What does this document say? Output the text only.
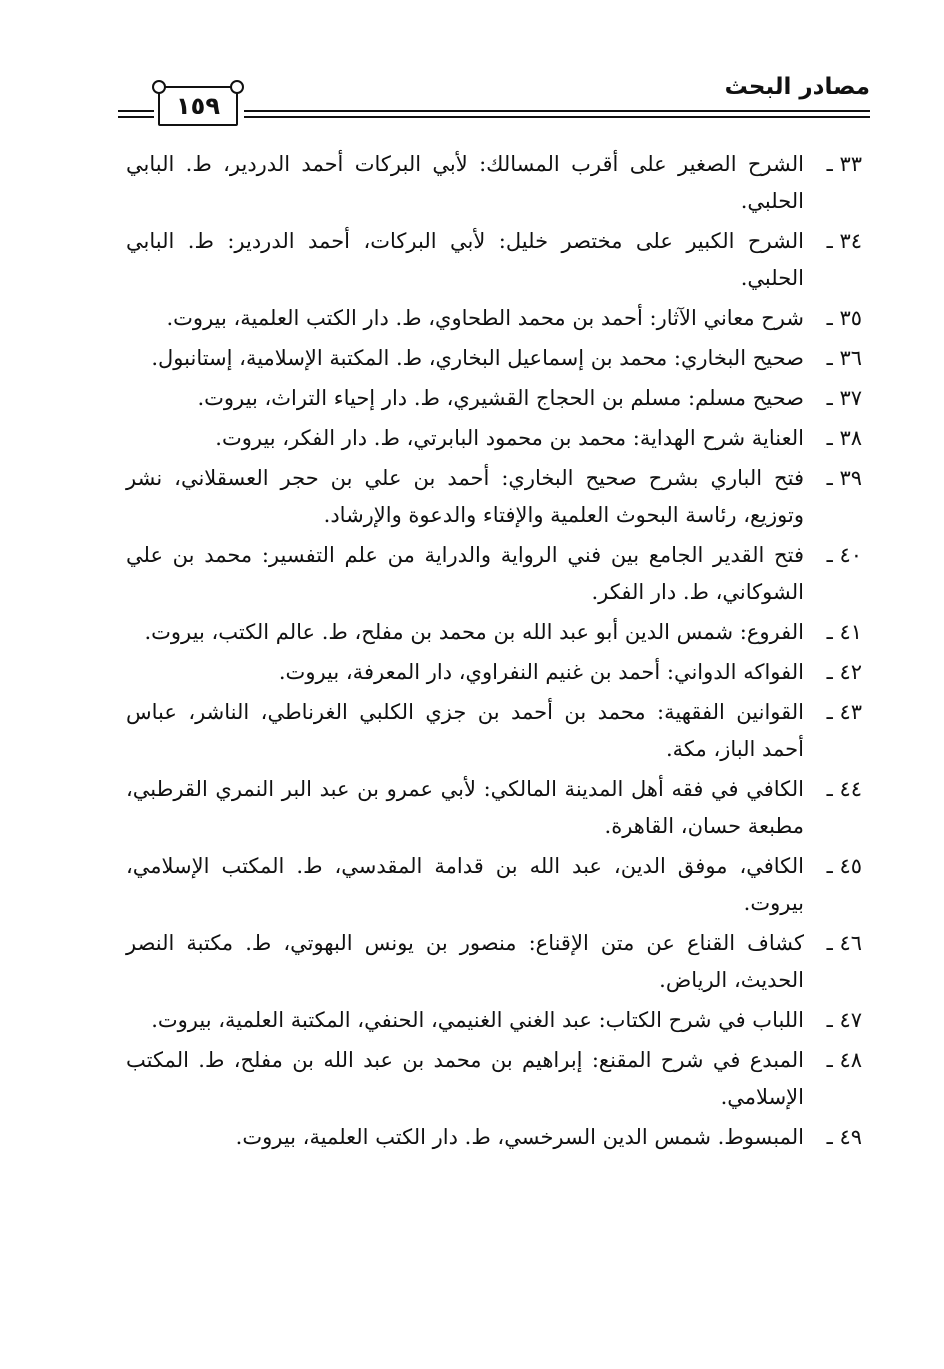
مصادر البحث
١٥٩
٣٣ ـ
الشرح الصغير على أقرب المسالك: لأبي البركات أحمد الدردير، ط. البابي الحلبي.
٣٤ ـ
الشرح الكبير على مختصر خليل: لأبي البركات، أحمد الدردير: ط. البابي الحلبي.
٣٥ ـ
شرح معاني الآثار: أحمد بن محمد الطحاوي، ط. دار الكتب العلمية، بيروت.
٣٦ ـ
صحيح البخاري: محمد بن إسماعيل البخاري، ط. المكتبة الإسلامية، إستانبول.
٣٧ ـ
صحيح مسلم: مسلم بن الحجاج القشيري، ط. دار إحياء التراث، بيروت.
٣٨ ـ
العناية شرح الهداية: محمد بن محمود البابرتي، ط. دار الفكر، بيروت.
٣٩ ـ
فتح الباري بشرح صحيح البخاري: أحمد بن علي بن حجر العسقلاني، نشر وتوزيع، رئاسة البحوث العلمية والإفتاء والدعوة والإرشاد.
٤٠ ـ
فتح القدير الجامع بين فني الرواية والدراية من علم التفسير: محمد بن علي الشوكاني، ط. دار الفكر.
٤١ ـ
الفروع: شمس الدين أبو عبد الله بن محمد بن مفلح، ط. عالم الكتب، بيروت.
٤٢ ـ
الفواكه الدواني: أحمد بن غنيم النفراوي، دار المعرفة، بيروت.
٤٣ ـ
القوانين الفقهية: محمد بن أحمد بن جزي الكلبي الغرناطي، الناشر، عباس أحمد الباز، مكة.
٤٤ ـ
الكافي في فقه أهل المدينة المالكي: لأبي عمرو بن عبد البر النمري القرطبي، مطبعة حسان، القاهرة.
٤٥ ـ
الكافي، موفق الدين، عبد الله بن قدامة المقدسي، ط. المكتب الإسلامي، بيروت.
٤٦ ـ
كشاف القناع عن متن الإقناع: منصور بن يونس البهوتي، ط. مكتبة النصر الحديث، الرياض.
٤٧ ـ
اللباب في شرح الكتاب: عبد الغني الغنيمي، الحنفي، المكتبة العلمية، بيروت.
٤٨ ـ
المبدع في شرح المقنع: إبراهيم بن محمد بن عبد الله بن مفلح، ط. المكتب الإسلامي.
٤٩ ـ
المبسوط. شمس الدين السرخسي، ط. دار الكتب العلمية، بيروت.
